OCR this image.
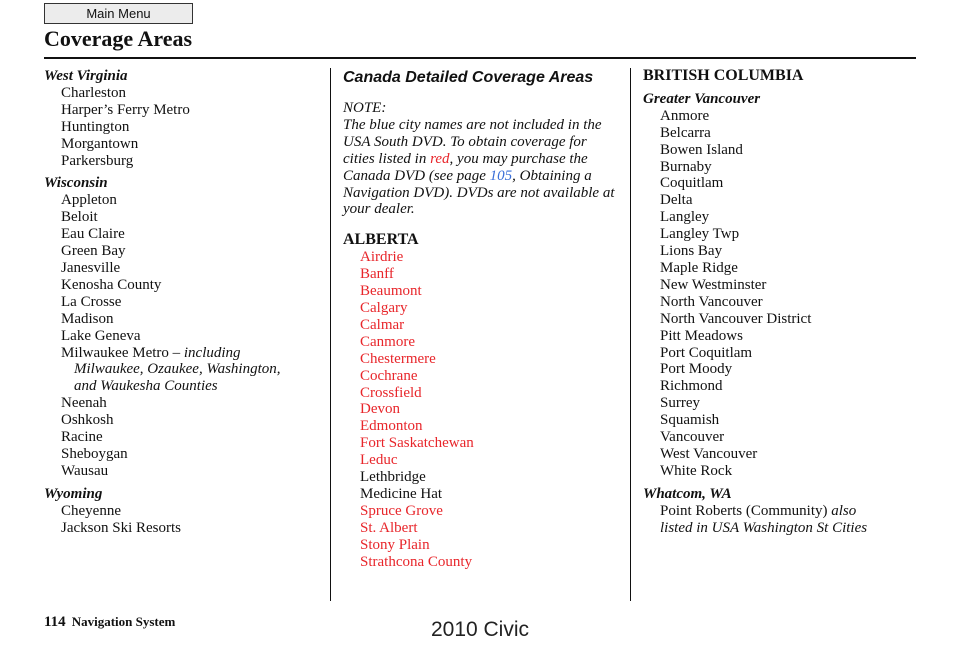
Main Menu
Coverage Areas
West Virginia
Charleston
Harper’s Ferry Metro
Huntington
Morgantown
Parkersburg
Wisconsin
Appleton
Beloit
Eau Claire
Green Bay
Janesville
Kenosha County
La Crosse
Madison
Lake Geneva
Milwaukee Metro – including
Milwaukee, Ozaukee, Washington,
and Waukesha Counties
Neenah
Oshkosh
Racine
Sheboygan
Wausau
Wyoming
Cheyenne
Jackson Ski Resorts
Canada Detailed Coverage Areas
NOTE:
The blue city names are not included in the USA South DVD. To obtain coverage for cities listed in red, you may purchase the Canada DVD (see page 105, Obtaining a Navigation DVD). DVDs are not available at your dealer.
ALBERTA
Airdrie
Banff
Beaumont
Calgary
Calmar
Canmore
Chestermere
Cochrane
Crossfield
Devon
Edmonton
Fort Saskatchewan
Leduc
Lethbridge
Medicine Hat
Spruce Grove
St. Albert
Stony Plain
Strathcona County
BRITISH COLUMBIA
Greater Vancouver
Anmore
Belcarra
Bowen Island
Burnaby
Coquitlam
Delta
Langley
Langley Twp
Lions Bay
Maple Ridge
New Westminster
North Vancouver
North Vancouver District
Pitt Meadows
Port Coquitlam
Port Moody
Richmond
Surrey
Squamish
Vancouver
West Vancouver
White Rock
Whatcom, WA
Point Roberts (Community) also
listed in USA Washington St Cities
114 Navigation System	2010 Civic
